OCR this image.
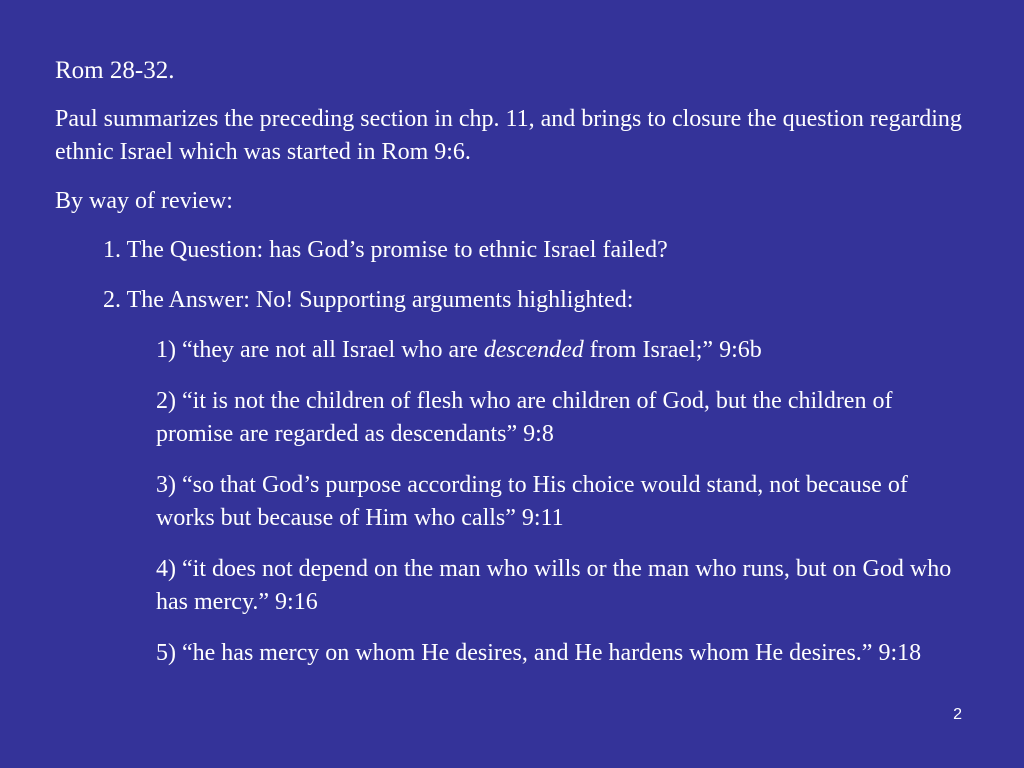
Rom 28-32.

Paul summarizes the preceding section in chp. 11, and brings to closure the question regarding ethnic Israel which was started in Rom 9:6.

By way of review:

1. The Question: has God’s promise to ethnic Israel failed?

2. The Answer: No! Supporting arguments highlighted:

1) “they are not all Israel who are descended from Israel;” 9:6b

2) “it is not the children of flesh who are children of God, but the children of promise are regarded as descendants” 9:8

3) “so that God’s purpose according to His choice would stand, not because of works but because of Him who calls” 9:11

4) “it does not depend on the man who wills or the man who runs, but on God who has mercy.” 9:16

5) “he has mercy on whom He desires, and He hardens whom He desires.” 9:18

2
